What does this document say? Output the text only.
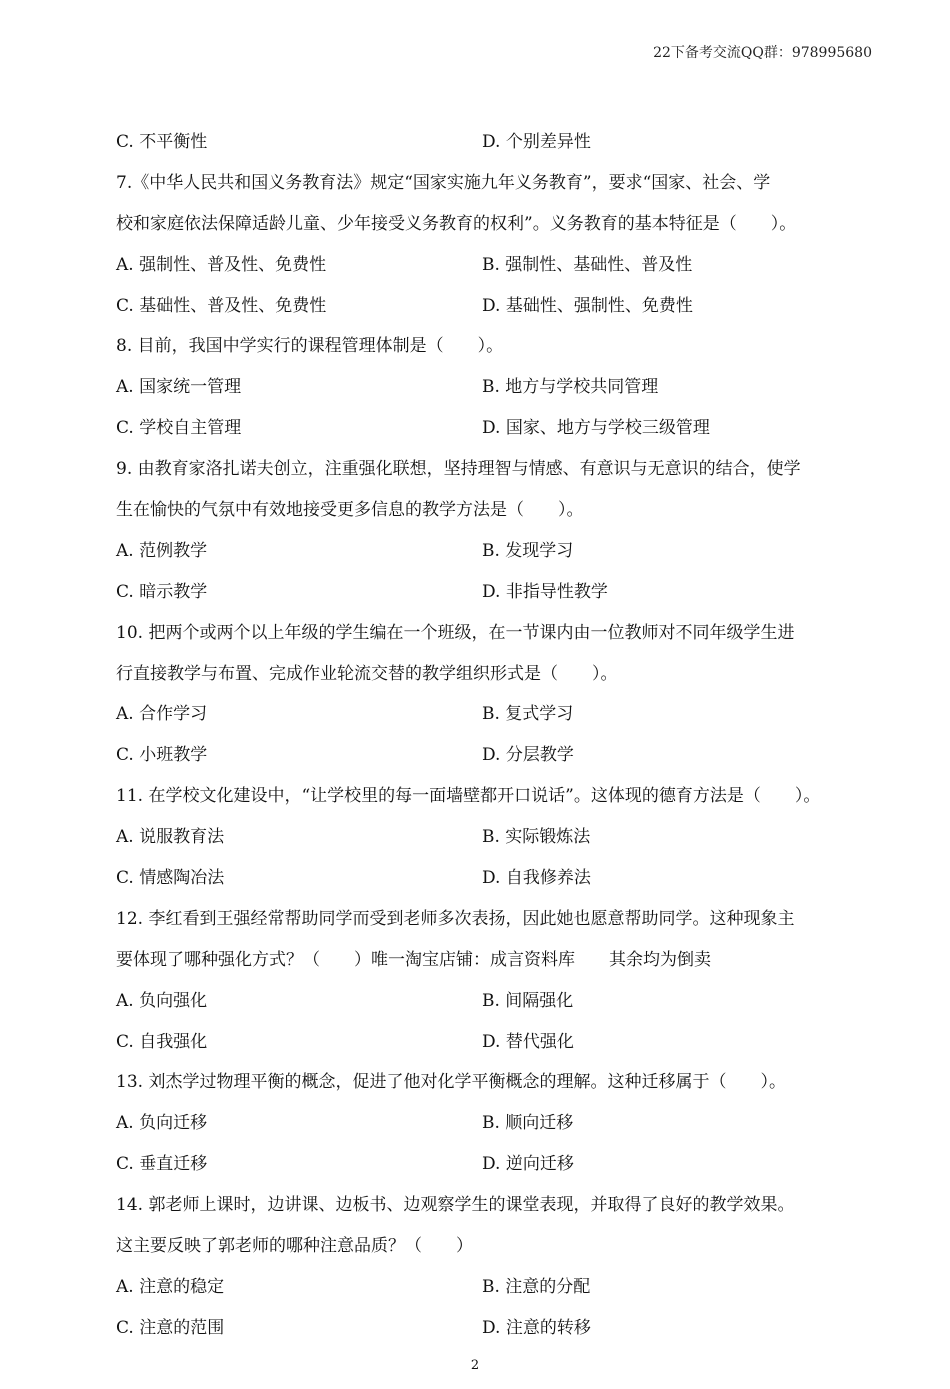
22下备考交流QQ群：978995680
C. 不平衡性	D. 个别差异性
7.《中华人民共和国义务教育法》规定“国家实施九年义务教育”，要求“国家、社会、学
校和家庭依法保障适龄儿童、少年接受义务教育的权利”。义务教育的基本特征是（　　）。
A. 强制性、普及性、免费性	B. 强制性、基础性、普及性
C. 基础性、普及性、免费性	D. 基础性、强制性、免费性
8. 目前，我国中学实行的课程管理体制是（　　）。
A. 国家统一管理	B. 地方与学校共同管理
C. 学校自主管理	D. 国家、地方与学校三级管理
9. 由教育家洛扎诺夫创立，注重强化联想，坚持理智与情感、有意识与无意识的结合，使学
生在愉快的气氛中有效地接受更多信息的教学方法是（　　）。
A. 范例教学	B. 发现学习
C. 暗示教学	D. 非指导性教学
10. 把两个或两个以上年级的学生编在一个班级，在一节课内由一位教师对不同年级学生进
行直接教学与布置、完成作业轮流交替的教学组织形式是（　　）。
A. 合作学习	B. 复式学习
C. 小班教学	D. 分层教学
11. 在学校文化建设中，“让学校里的每一面墙壁都开口说话”。这体现的德育方法是（　　）。
A. 说服教育法	B. 实际锻炼法
C. 情感陶冶法	D. 自我修养法
12. 李红看到王强经常帮助同学而受到老师多次表扬，因此她也愿意帮助同学。这种现象主
要体现了哪种强化方式？（　　）唯一淘宝店铺：成言资料库　　其余均为倒卖
A. 负向强化	B. 间隔强化
C. 自我强化	D. 替代强化
13. 刘杰学过物理平衡的概念，促进了他对化学平衡概念的理解。这种迁移属于（　　）。
A. 负向迁移	B. 顺向迁移
C. 垂直迁移	D. 逆向迁移
14. 郭老师上课时，边讲课、边板书、边观察学生的课堂表现，并取得了良好的教学效果。
这主要反映了郭老师的哪种注意品质？（　　）
A. 注意的稳定	B. 注意的分配
C. 注意的范围	D. 注意的转移
2
